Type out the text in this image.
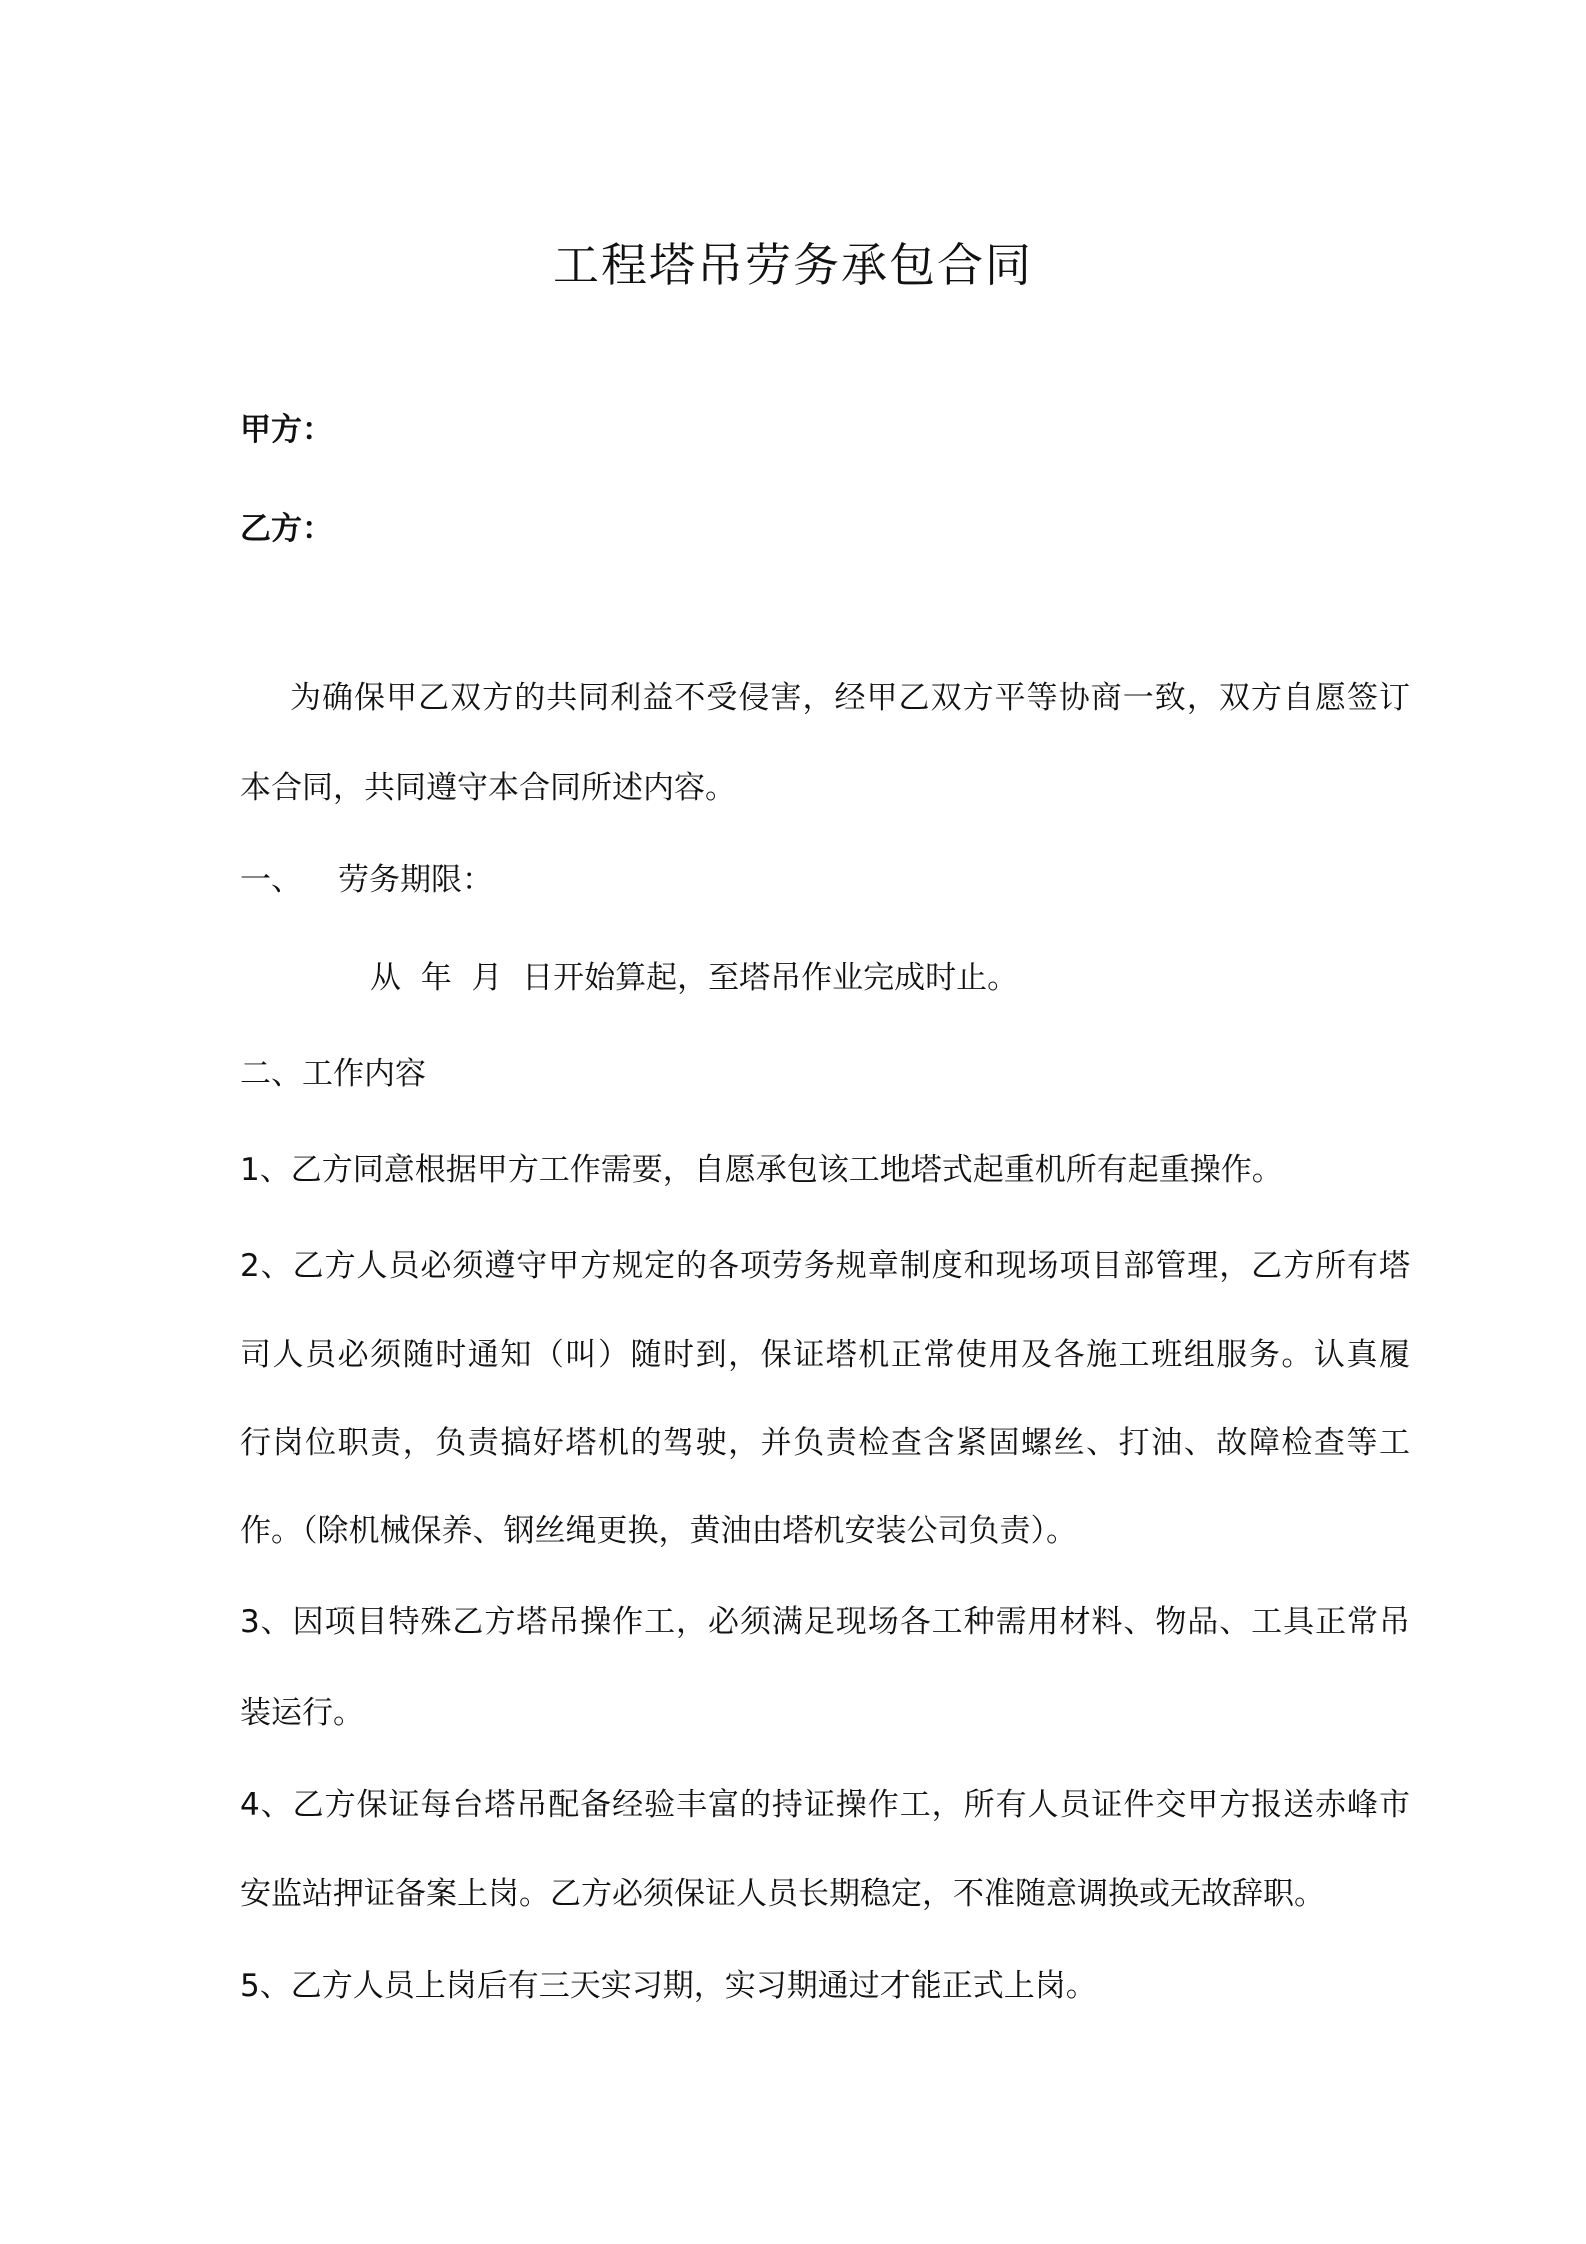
工程塔吊劳务承包合同
甲方：
乙方：
为确保甲乙双方的共同利益不受侵害，经甲乙双方平等协商一致，双方自愿签订
本合同，共同遵守本合同所述内容。
一、 劳务期限：
从  年  月  日开始算起，至塔吊作业完成时止。
二、工作内容
1、乙方同意根据甲方工作需要，自愿承包该工地塔式起重机所有起重操作。
2、乙方人员必须遵守甲方规定的各项劳务规章制度和现场项目部管理，乙方所有塔
司人员必须随时通知（叫）随时到，保证塔机正常使用及各施工班组服务。认真履
行岗位职责，负责搞好塔机的驾驶，并负责检查含紧固螺丝、打油、故障检查等工
作。（除机械保养、钢丝绳更换，黄油由塔机安装公司负责）。
3、因项目特殊乙方塔吊操作工，必须满足现场各工种需用材料、物品、工具正常吊
装运行。
4、乙方保证每台塔吊配备经验丰富的持证操作工，所有人员证件交甲方报送赤峰市
安监站押证备案上岗。乙方必须保证人员长期稳定，不准随意调换或无故辞职。
5、乙方人员上岗后有三天实习期，实习期通过才能正式上岗。
